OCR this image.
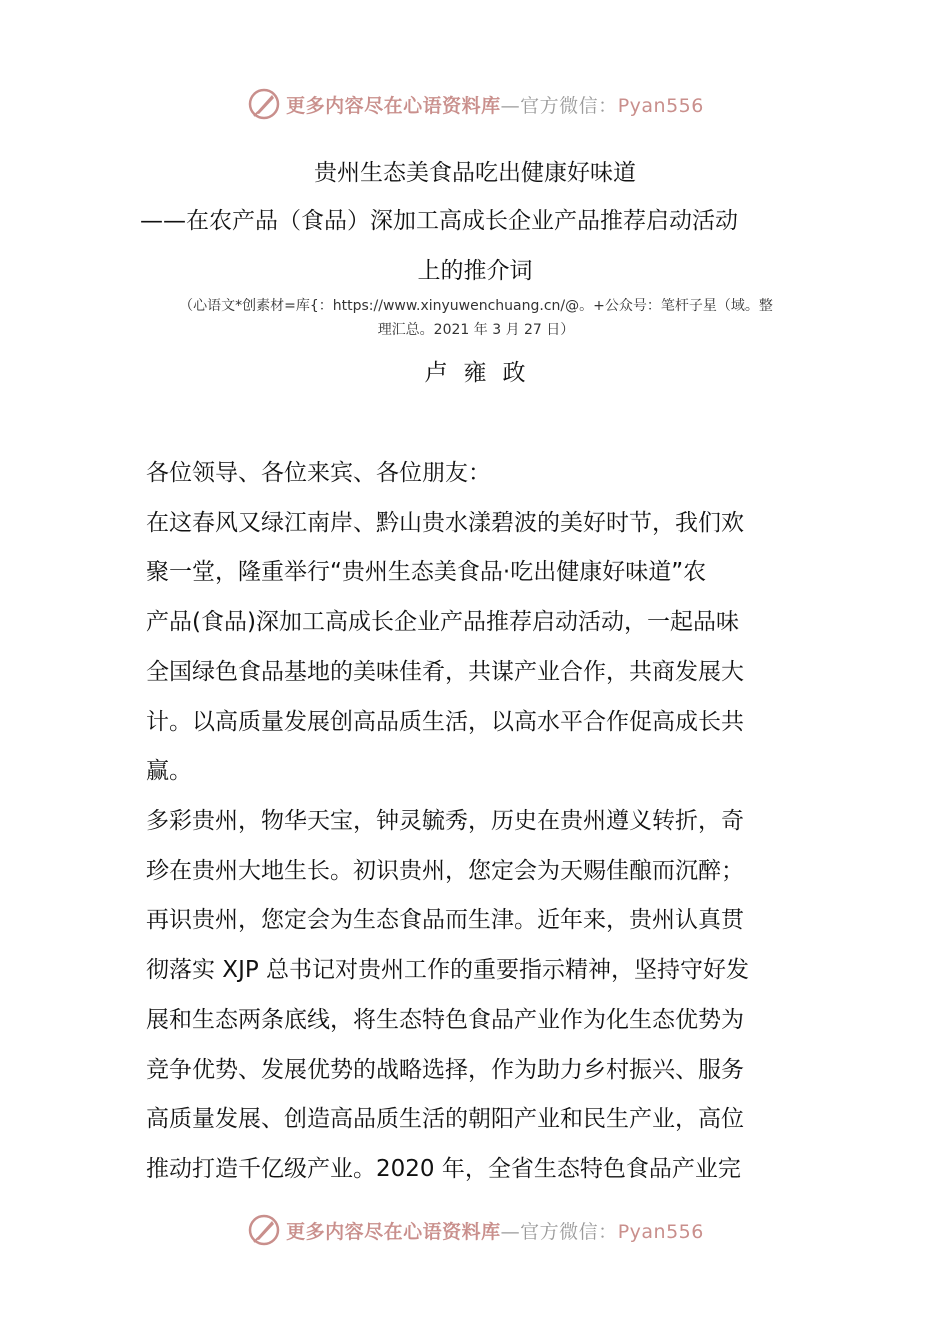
更多内容尽在心语资料库—官方微信：Pyan556
贵州生态美食品吃出健康好味道
——在农产品（食品）深加工高成长企业产品推荐启动活动
上的推介词
（心语文*创素材=库{：https://www.xinyuwenchuang.cn/@。+公众号：笔杆子星（域。整
理汇总。2021 年 3 月 27 日）
卢雍政
各位领导、各位来宾、各位朋友：
在这春风又绿江南岸、黔山贵水漾碧波的美好时节，我们欢
聚一堂，隆重举行“贵州生态美食品·吃出健康好味道”农
产品(食品)深加工高成长企业产品推荐启动活动，一起品味
全国绿色食品基地的美味佳肴，共谋产业合作，共商发展大
计。以高质量发展创高品质生活，以高水平合作促高成长共
赢。
多彩贵州，物华天宝，钟灵毓秀，历史在贵州遵义转折，奇
珍在贵州大地生长。初识贵州，您定会为天赐佳酿而沉醉；
再识贵州，您定会为生态食品而生津。近年来，贵州认真贯
彻落实 XJP 总书记对贵州工作的重要指示精神，坚持守好发
展和生态两条底线，将生态特色食品产业作为化生态优势为
竞争优势、发展优势的战略选择，作为助力乡村振兴、服务
高质量发展、创造高品质生活的朝阳产业和民生产业，高位
推动打造千亿级产业。2020 年，全省生态特色食品产业完
更多内容尽在心语资料库—官方微信：Pyan556
